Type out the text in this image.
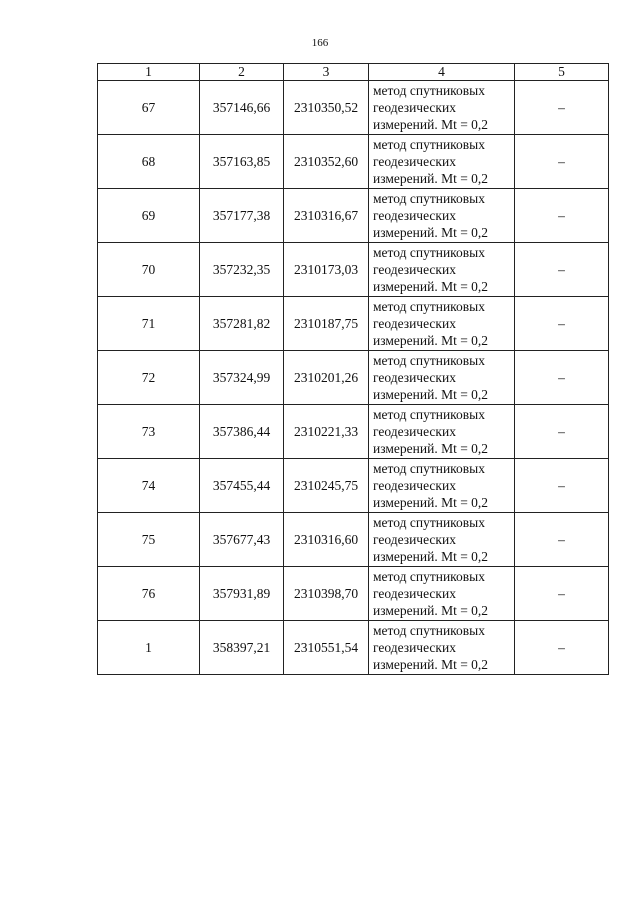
166
1	2	3	4	5
67	357146,66	2310350,52	метод спутниковых
геодезических
измерений. Mt = 0,2	–
68	357163,85	2310352,60	метод спутниковых
геодезических
измерений. Mt = 0,2	–
69	357177,38	2310316,67	метод спутниковых
геодезических
измерений. Mt = 0,2	–
70	357232,35	2310173,03	метод спутниковых
геодезических
измерений. Mt = 0,2	–
71	357281,82	2310187,75	метод спутниковых
геодезических
измерений. Mt = 0,2	–
72	357324,99	2310201,26	метод спутниковых
геодезических
измерений. Mt = 0,2	–
73	357386,44	2310221,33	метод спутниковых
геодезических
измерений. Mt = 0,2	–
74	357455,44	2310245,75	метод спутниковых
геодезических
измерений. Mt = 0,2	–
75	357677,43	2310316,60	метод спутниковых
геодезических
измерений. Mt = 0,2	–
76	357931,89	2310398,70	метод спутниковых
геодезических
измерений. Mt = 0,2	–
1	358397,21	2310551,54	метод спутниковых
геодезических
измерений. Mt = 0,2	–
